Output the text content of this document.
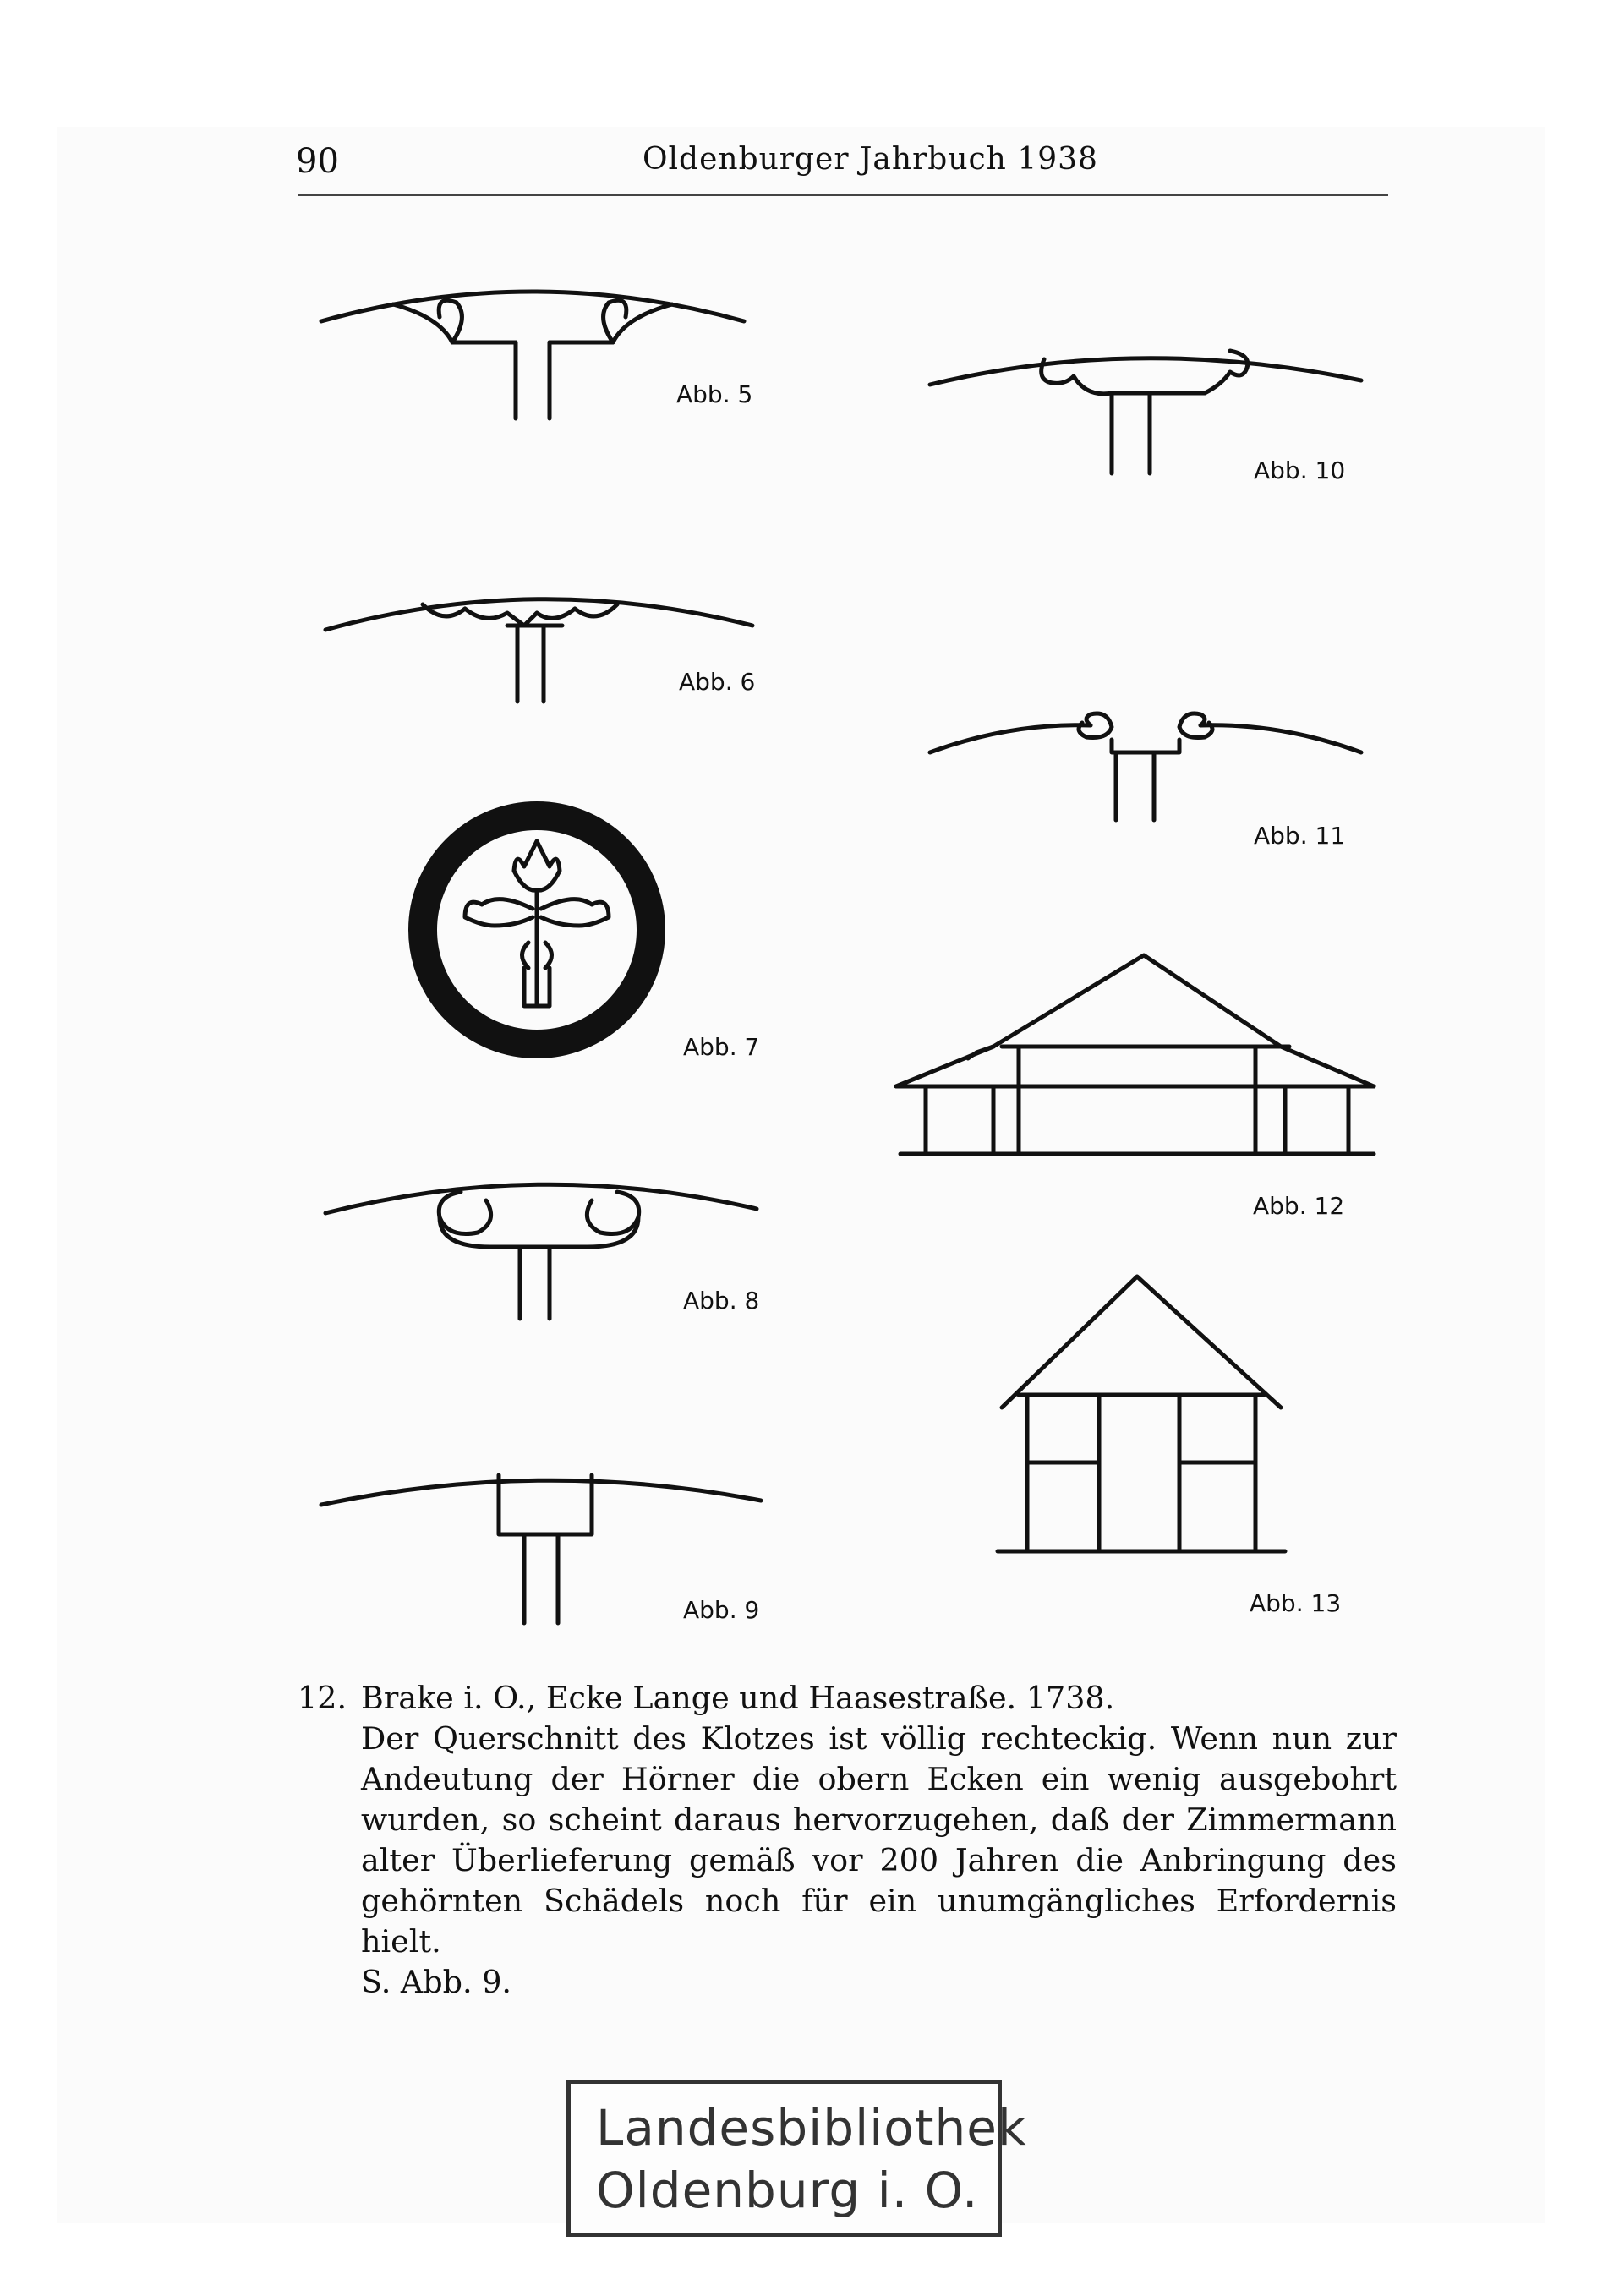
90	Oldenburger Jahrbuch 1938
Abb. 5
Abb. 6
Abb. 7
Abb. 8
Abb. 9
Abb. 10
Abb. 11
Abb. 12
Abb. 13
12. Brake i. O., Ecke Lange und Haasestraße. 1738.
Der Querschnitt des Klotzes ist völlig rechteckig. Wenn nun zur Andeutung der Hörner die obern Ecken ein wenig ausgebohrt wurden, so scheint daraus hervorzugehen, daß der Zimmermann alter Überlieferung gemäß vor 200 Jahren die Anbringung des gehörnten Schädels noch für ein unumgängliches Erfordernis hielt.
S. Abb. 9.
Landesbibliothek
Oldenburg i. O.
